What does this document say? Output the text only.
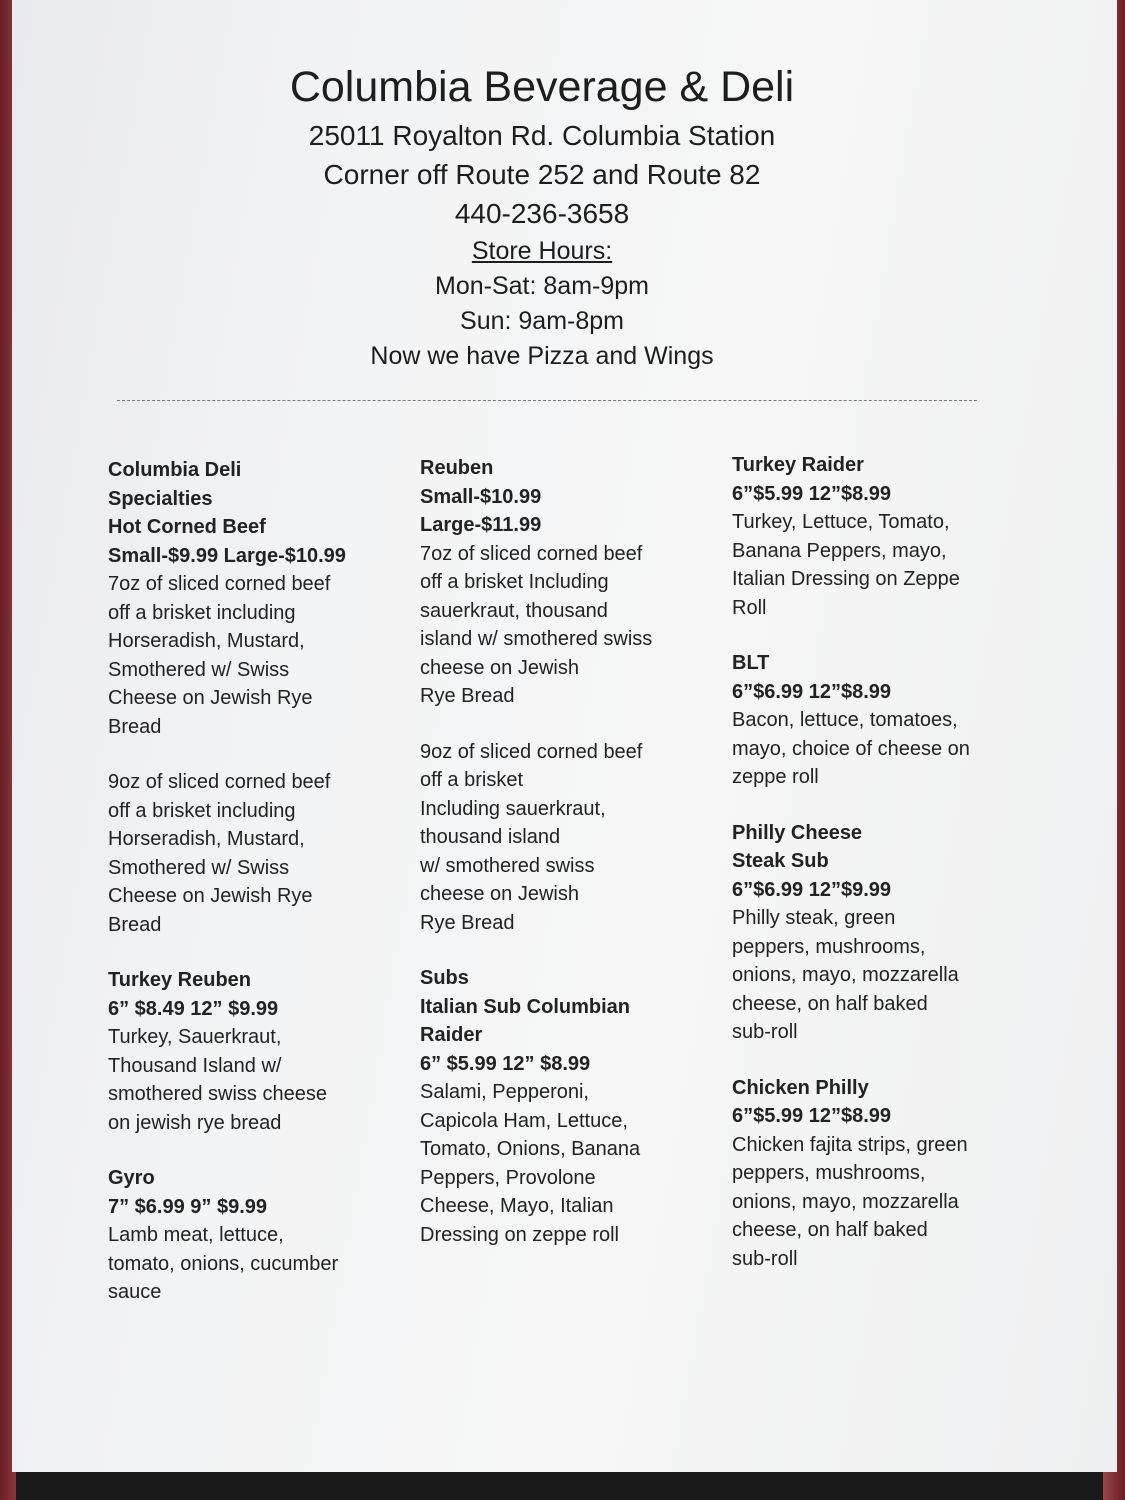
Columbia Beverage & Deli

25011 Royalton Rd. Columbia Station

Corner off Route 252 and Route 82

440-236-3658

Store Hours:

Mon-Sat: 8am-9pm

Sun: 9am-8pm

Now we have Pizza and Wings

Columbia Deli

Specialties

Hot Corned Beef

Small-$9.99 Large-$10.99

7oz of sliced corned beef

off a brisket including

Horseradish, Mustard,

Smothered w/ Swiss

Cheese on Jewish Rye

Bread

9oz of sliced corned beef

off a brisket including

Horseradish, Mustard,

Smothered w/ Swiss

Cheese on Jewish Rye

Bread

Turkey Reuben

6” $8.49 12” $9.99

Turkey, Sauerkraut,

Thousand Island w/

smothered swiss cheese

on jewish rye bread

Gyro

7” $6.99 9” $9.99

Lamb meat, lettuce,

tomato, onions, cucumber

sauce

Reuben

Small-$10.99

Large-$11.99

7oz of sliced corned beef

off a brisket Including

sauerkraut, thousand

island w/ smothered swiss

cheese on Jewish

Rye Bread

9oz of sliced corned beef

off a brisket

Including sauerkraut,

thousand island

w/ smothered swiss

cheese on Jewish

Rye Bread

Subs

Italian Sub Columbian

Raider

6” $5.99 12” $8.99

Salami, Pepperoni,

Capicola Ham, Lettuce,

Tomato, Onions, Banana

Peppers, Provolone

Cheese, Mayo, Italian

Dressing on zeppe roll

Turkey Raider

6”$5.99 12”$8.99

Turkey, Lettuce, Tomato,

Banana Peppers, mayo,

Italian Dressing on Zeppe

Roll

BLT

6”$6.99 12”$8.99

Bacon, lettuce, tomatoes,

mayo, choice of cheese on

zeppe roll

Philly Cheese

Steak Sub

6”$6.99 12”$9.99

Philly steak, green

peppers, mushrooms,

onions, mayo, mozzarella

cheese, on half baked

sub-roll

Chicken Philly

6”$5.99 12”$8.99

Chicken fajita strips, green

peppers, mushrooms,

onions, mayo, mozzarella

cheese, on half baked

sub-roll
